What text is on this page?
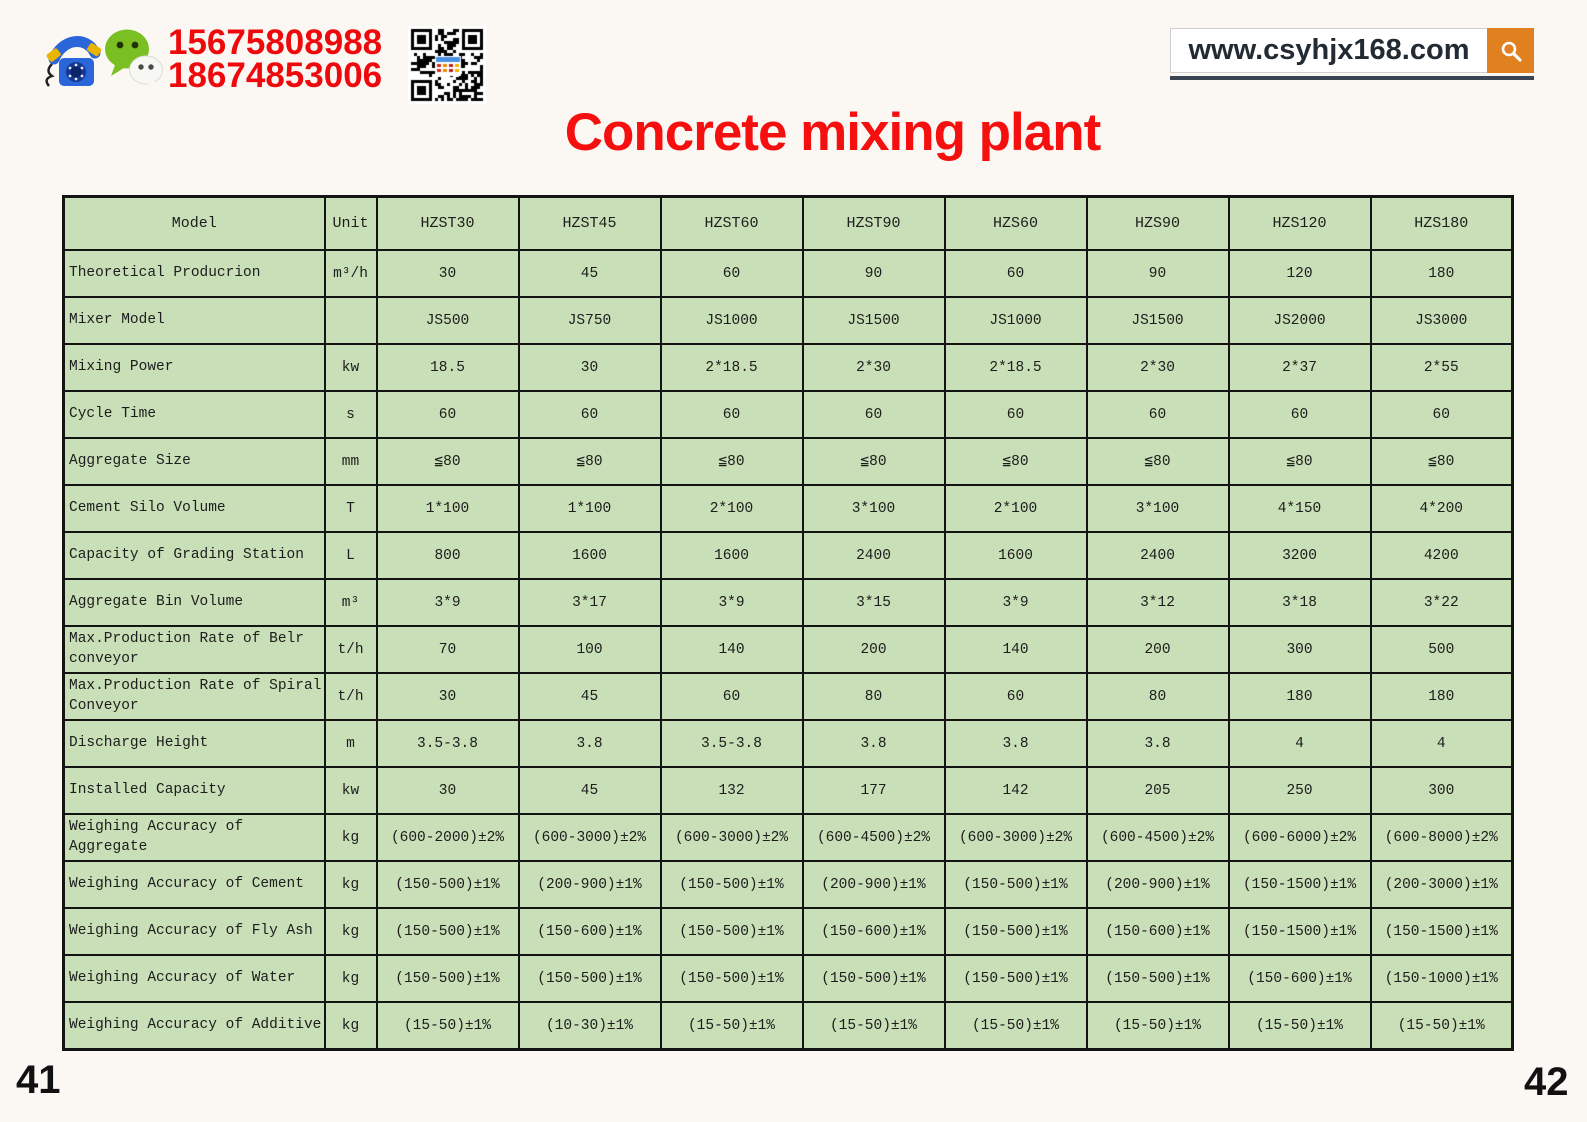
15675808988
18674853006
www.csyhjx168.com
Concrete mixing plant
Model	Unit	HZST30	HZST45	HZST60	HZST90	HZS60	HZS90	HZS120	HZS180
Theoretical Producrion	m³/h	30	45	60	90	60	90	120	180
Mixer Model		JS500	JS750	JS1000	JS1500	JS1000	JS1500	JS2000	JS3000
Mixing Power	kw	18.5	30	2*18.5	2*30	2*18.5	2*30	2*37	2*55
Cycle Time	s	60	60	60	60	60	60	60	60
Aggregate Size	mm	≦80	≦80	≦80	≦80	≦80	≦80	≦80	≦80
Cement Silo Volume	T	1*100	1*100	2*100	3*100	2*100	3*100	4*150	4*200
Capacity of Grading Station	L	800	1600	1600	2400	1600	2400	3200	4200
Aggregate Bin Volume	m³	3*9	3*17	3*9	3*15	3*9	3*12	3*18	3*22
Max.Production Rate of Belr conveyor	t/h	70	100	140	200	140	200	300	500
Max.Production Rate of Spiral Conveyor	t/h	30	45	60	80	60	80	180	180
Discharge Height	m	3.5-3.8	3.8	3.5-3.8	3.8	3.8	3.8	4	4
Installed Capacity	kw	30	45	132	177	142	205	250	300
Weighing Accuracy of Aggregate	kg	(600-2000)±2%	(600-3000)±2%	(600-3000)±2%	(600-4500)±2%	(600-3000)±2%	(600-4500)±2%	(600-6000)±2%	(600-8000)±2%
Weighing Accuracy of Cement	kg	(150-500)±1%	(200-900)±1%	(150-500)±1%	(200-900)±1%	(150-500)±1%	(200-900)±1%	(150-1500)±1%	(200-3000)±1%
Weighing Accuracy of Fly Ash	kg	(150-500)±1%	(150-600)±1%	(150-500)±1%	(150-600)±1%	(150-500)±1%	(150-600)±1%	(150-1500)±1%	(150-1500)±1%
Weighing Accuracy of Water	kg	(150-500)±1%	(150-500)±1%	(150-500)±1%	(150-500)±1%	(150-500)±1%	(150-500)±1%	(150-600)±1%	(150-1000)±1%
Weighing Accuracy of Additive	kg	(15-50)±1%	(10-30)±1%	(15-50)±1%	(15-50)±1%	(15-50)±1%	(15-50)±1%	(15-50)±1%	(15-50)±1%
41	42
